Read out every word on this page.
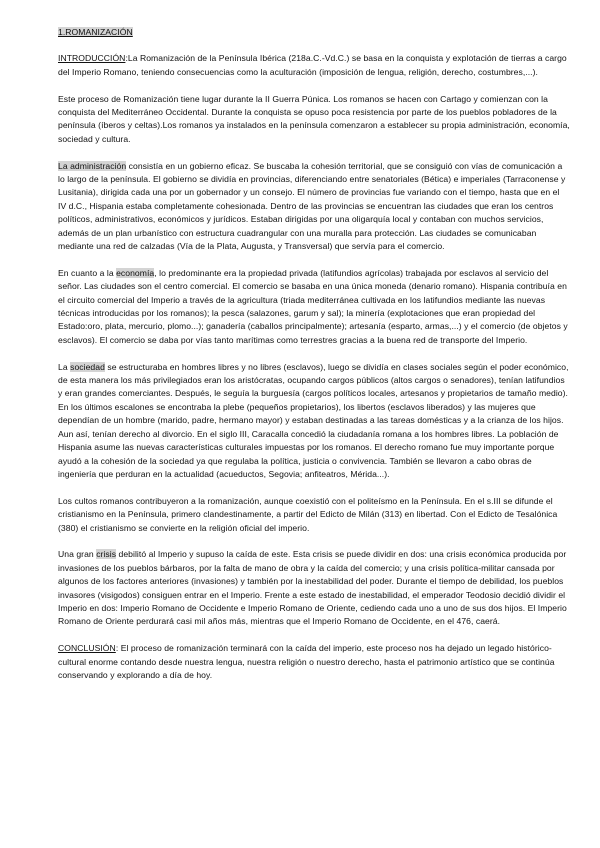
1.ROMANIZACIÓN

INTRODUCCIÓN:La Romanización de la Península Ibérica (218a.C.-Vd.C.) se basa en la conquista y explotación de tierras a cargo del Imperio Romano, teniendo consecuencias como la aculturación (imposición de lengua, religión, derecho, costumbres,...).

Este proceso de Romanización tiene lugar durante la II Guerra Púnica. Los romanos se hacen con Cartago y comienzan con la conquista del Mediterráneo Occidental. Durante la conquista se opuso poca resistencia por parte de los pueblos pobladores de la península (íberos y celtas).Los romanos ya instalados en la península comenzaron a establecer su propia administración, economía, sociedad y cultura.

La administración consistía en un gobierno eficaz. Se buscaba la cohesión territorial, que se consiguió con vías de comunicación a lo largo de la península. El gobierno se dividía en provincias, diferenciando entre senatoriales (Bética) e imperiales (Tarraconense y Lusitania), dirigida cada una por un gobernador y un consejo. El número de provincias fue variando con el tiempo, hasta que en el IV d.C., Hispania estaba completamente cohesionada. Dentro de las provincias se encuentran las ciudades que eran los centros políticos, administrativos, económicos y jurídicos. Estaban dirigidas por una oligarquía local y contaban con muchos servicios, además de un plan urbanístico con estructura cuadrangular con una muralla para protección. Las ciudades se comunicaban mediante una red de calzadas (Vía de la Plata, Augusta, y Transversal) que servía para el comercio.

En cuanto a la economía, lo predominante era la propiedad privada (latifundios agrícolas) trabajada por esclavos al servicio del señor. Las ciudades son el centro comercial. El comercio se basaba en una única moneda (denario romano). Hispania contribuía en el circuito comercial del Imperio a través de la agricultura (triada mediterránea cultivada en los latifundios mediante las nuevas técnicas introducidas por los romanos); la pesca (salazones, garum y sal); la minería (explotaciones que eran propiedad del Estado:oro, plata, mercurio, plomo...); ganadería (caballos principalmente); artesanía (esparto, armas,...) y el comercio (de objetos y esclavos). El comercio se daba por vías tanto marítimas como terrestres gracias a la buena red de transporte del Imperio.

La sociedad se estructuraba en hombres libres y no libres (esclavos), luego se dividía en clases sociales según el poder económico, de esta manera los más privilegiados eran los aristócratas, ocupando cargos públicos (altos cargos o senadores), tenían latifundios y eran grandes comerciantes. Después, le seguía la burguesía (cargos políticos locales, artesanos y propietarios de tamaño medio). En los últimos escalones se encontraba la plebe (pequeños propietarios), los libertos (esclavos liberados) y las mujeres que dependían de un hombre (marido, padre, hermano mayor) y estaban destinadas a las tareas domésticas y a la crianza de los hijos. Aun así, tenían derecho al divorcio. En el siglo III, Caracalla concedió la ciudadanía romana a los hombres libres. La población de Hispania asume las nuevas características culturales impuestas por los romanos. El derecho romano fue muy importante porque ayudó a la cohesión de la sociedad ya que regulaba la política, justicia o convivencia. También se llevaron a cabo obras de ingeniería que perduran en la actualidad (acueductos, Segovia; anfiteatros, Mérida...).

Los cultos romanos contribuyeron a la romanización, aunque coexistió con el politeísmo en la Península. En el s.III se difunde el cristianismo en la Península, primero clandestinamente, a partir del Edicto de Milán (313) en libertad. Con el Edicto de Tesalónica (380) el cristianismo se convierte en la religión oficial del imperio.

Una gran crisis debilitó al Imperio y supuso la caída de este. Esta crisis se puede dividir en dos: una crisis económica producida por invasiones de los pueblos bárbaros, por la falta de mano de obra y la caída del comercio; y una crisis política-militar cansada por algunos de los factores anteriores (invasiones) y también por la inestabilidad del poder. Durante el tiempo de debilidad, los pueblos invasores (visigodos) consiguen entrar en el Imperio. Frente a este estado de inestabilidad, el emperador Teodosio decidió dividir el Imperio en dos: Imperio Romano de Occidente e Imperio Romano de Oriente, cediendo cada uno a uno de sus dos hijos. El Imperio Romano de Oriente perdurará casi mil años más, mientras que el Imperio Romano de Occidente, en el 476, caerá.

CONCLUSIÓN: El proceso de romanización terminará con la caída del imperio, este proceso nos ha dejado un legado histórico-cultural enorme contando desde nuestra lengua, nuestra religión o nuestro derecho, hasta el patrimonio artístico que se continúa conservando y explorando a día de hoy.
